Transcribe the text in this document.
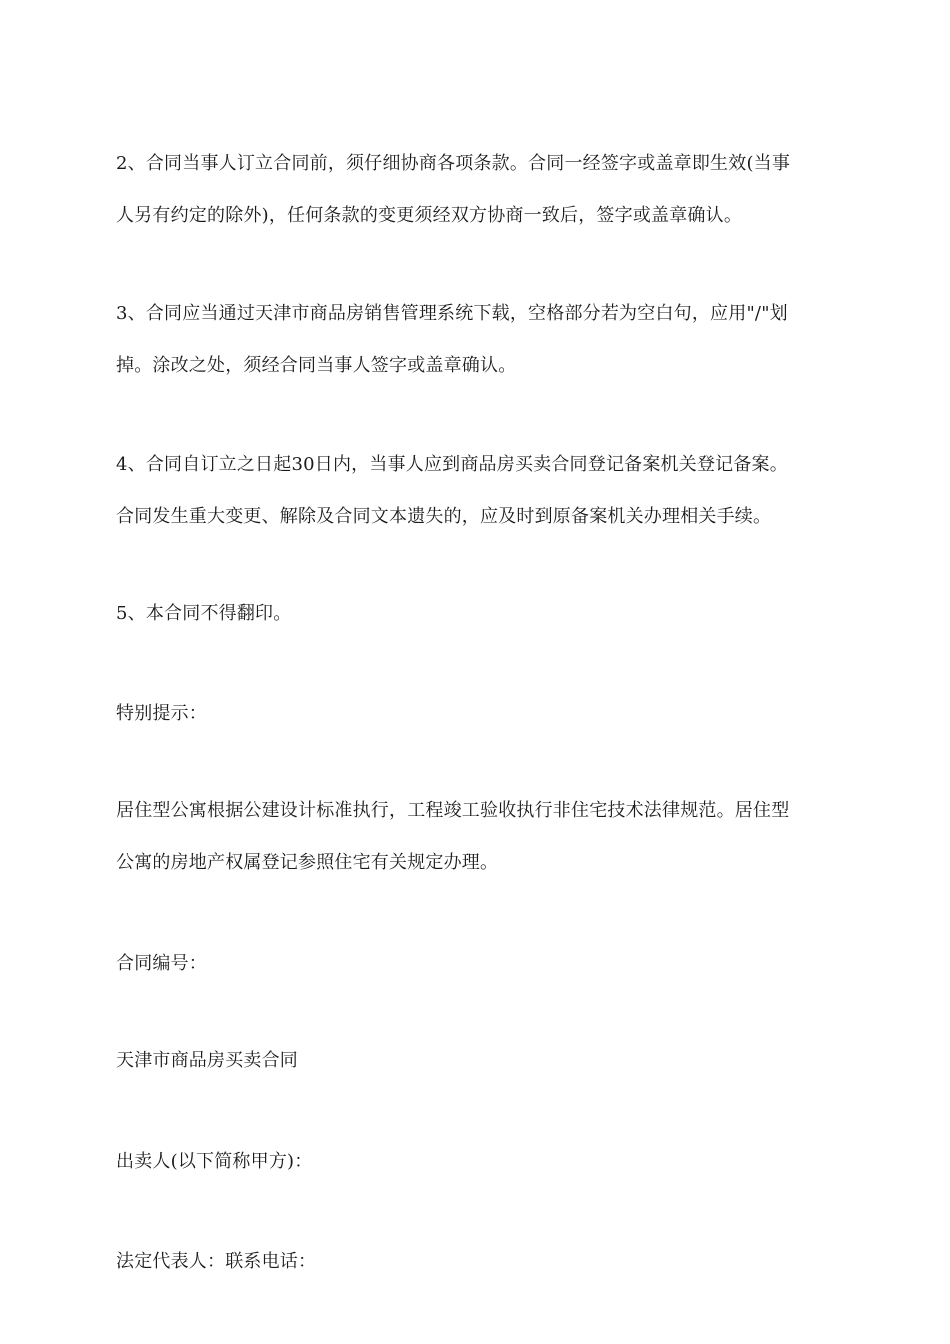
2、合同当事人订立合同前，须仔细协商各项条款。合同一经签字或盖章即生效(当事
人另有约定的除外)，任何条款的变更须经双方协商一致后，签字或盖章确认。
3、合同应当通过天津市商品房销售管理系统下载，空格部分若为空白句，应用"/"划
掉。涂改之处，须经合同当事人签字或盖章确认。
4、合同自订立之日起30日内，当事人应到商品房买卖合同登记备案机关登记备案。
合同发生重大变更、解除及合同文本遗失的，应及时到原备案机关办理相关手续。
5、本合同不得翻印。
特别提示：
居住型公寓根据公建设计标准执行，工程竣工验收执行非住宅技术法律规范。居住型
公寓的房地产权属登记参照住宅有关规定办理。
合同编号：
天津市商品房买卖合同
出卖人(以下简称甲方)：
法定代表人：联系电话：
